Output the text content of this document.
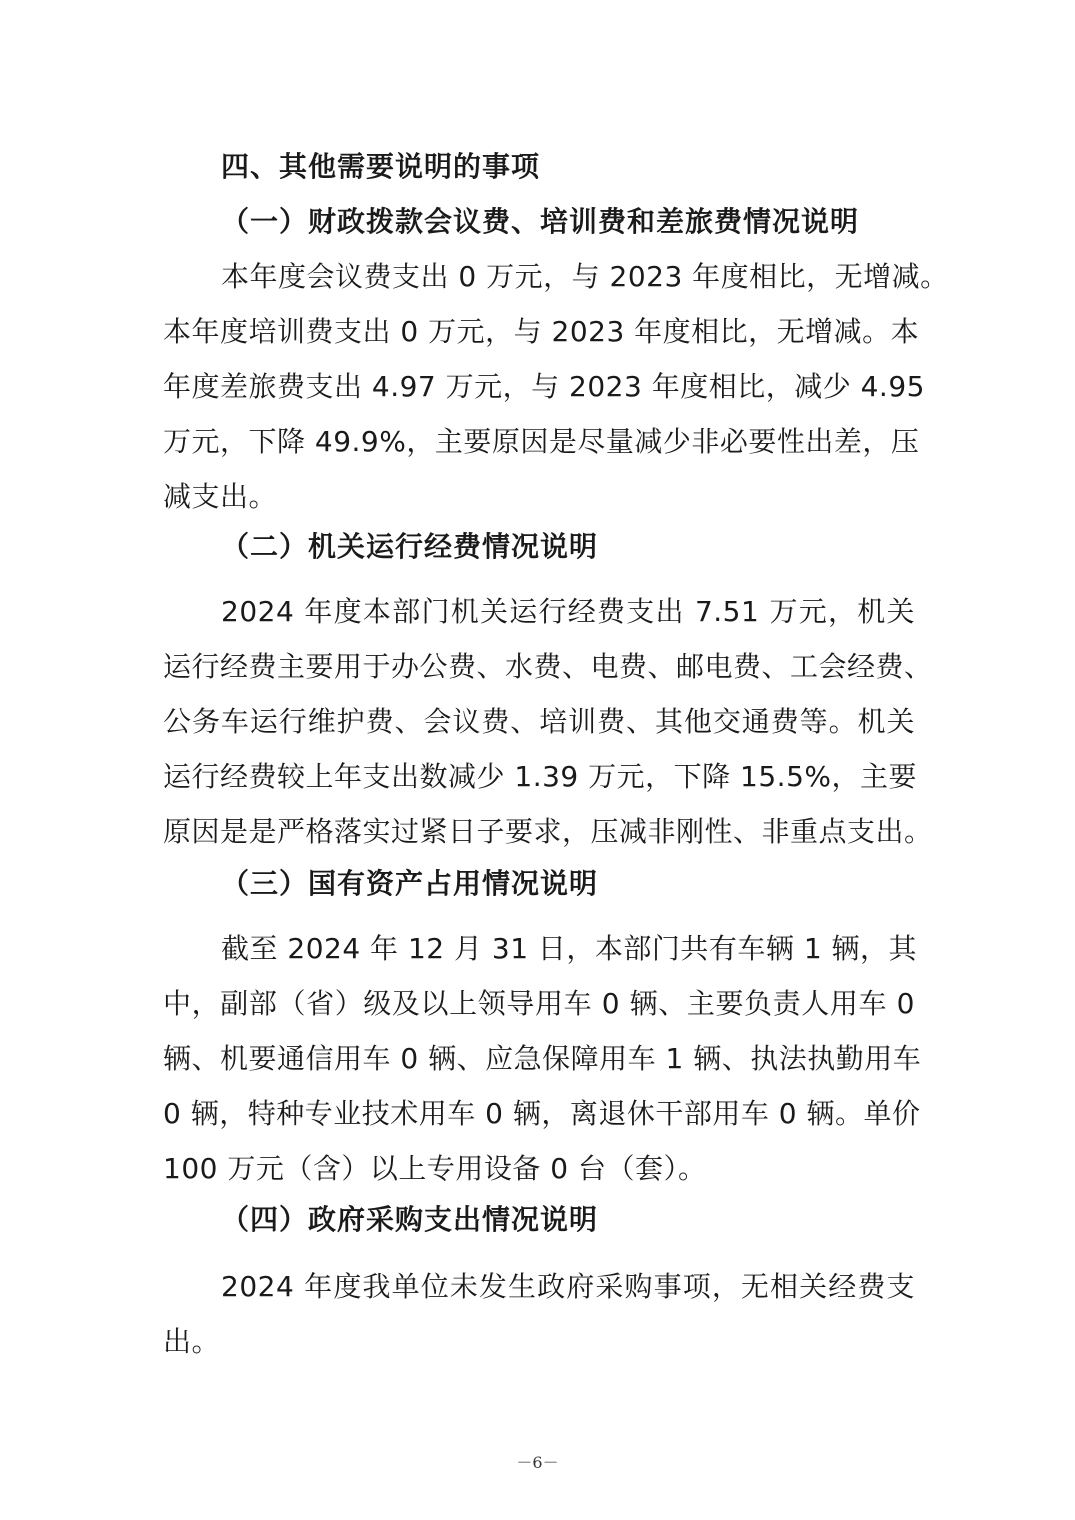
四、其他需要说明的事项
（一）财政拨款会议费、培训费和差旅费情况说明
本年度会议费支出 0 万元，与 2023 年度相比，无增减。
本年度培训费支出 0 万元，与 2023 年度相比，无增减。本
年度差旅费支出 4.97 万元，与 2023 年度相比，减少 4.95
万元，下降 49.9%，主要原因是尽量减少非必要性出差，压
减支出。
（二）机关运行经费情况说明
2024 年度本部门机关运行经费支出 7.51 万元，机关
运行经费主要用于办公费、水费、电费、邮电费、工会经费、
公务车运行维护费、会议费、培训费、其他交通费等。机关
运行经费较上年支出数减少 1.39 万元，下降 15.5%，主要
原因是是严格落实过紧日子要求，压减非刚性、非重点支出。
（三）国有资产占用情况说明
截至 2024 年 12 月 31 日，本部门共有车辆 1 辆，其
中，副部（省）级及以上领导用车 0 辆、主要负责人用车 0
辆、机要通信用车 0 辆、应急保障用车 1 辆、执法执勤用车
0 辆，特种专业技术用车 0 辆，离退休干部用车 0 辆。单价
100 万元（含）以上专用设备 0 台（套）。
（四）政府采购支出情况说明
2024 年度我单位未发生政府采购事项，无相关经费支
出。
－6－
